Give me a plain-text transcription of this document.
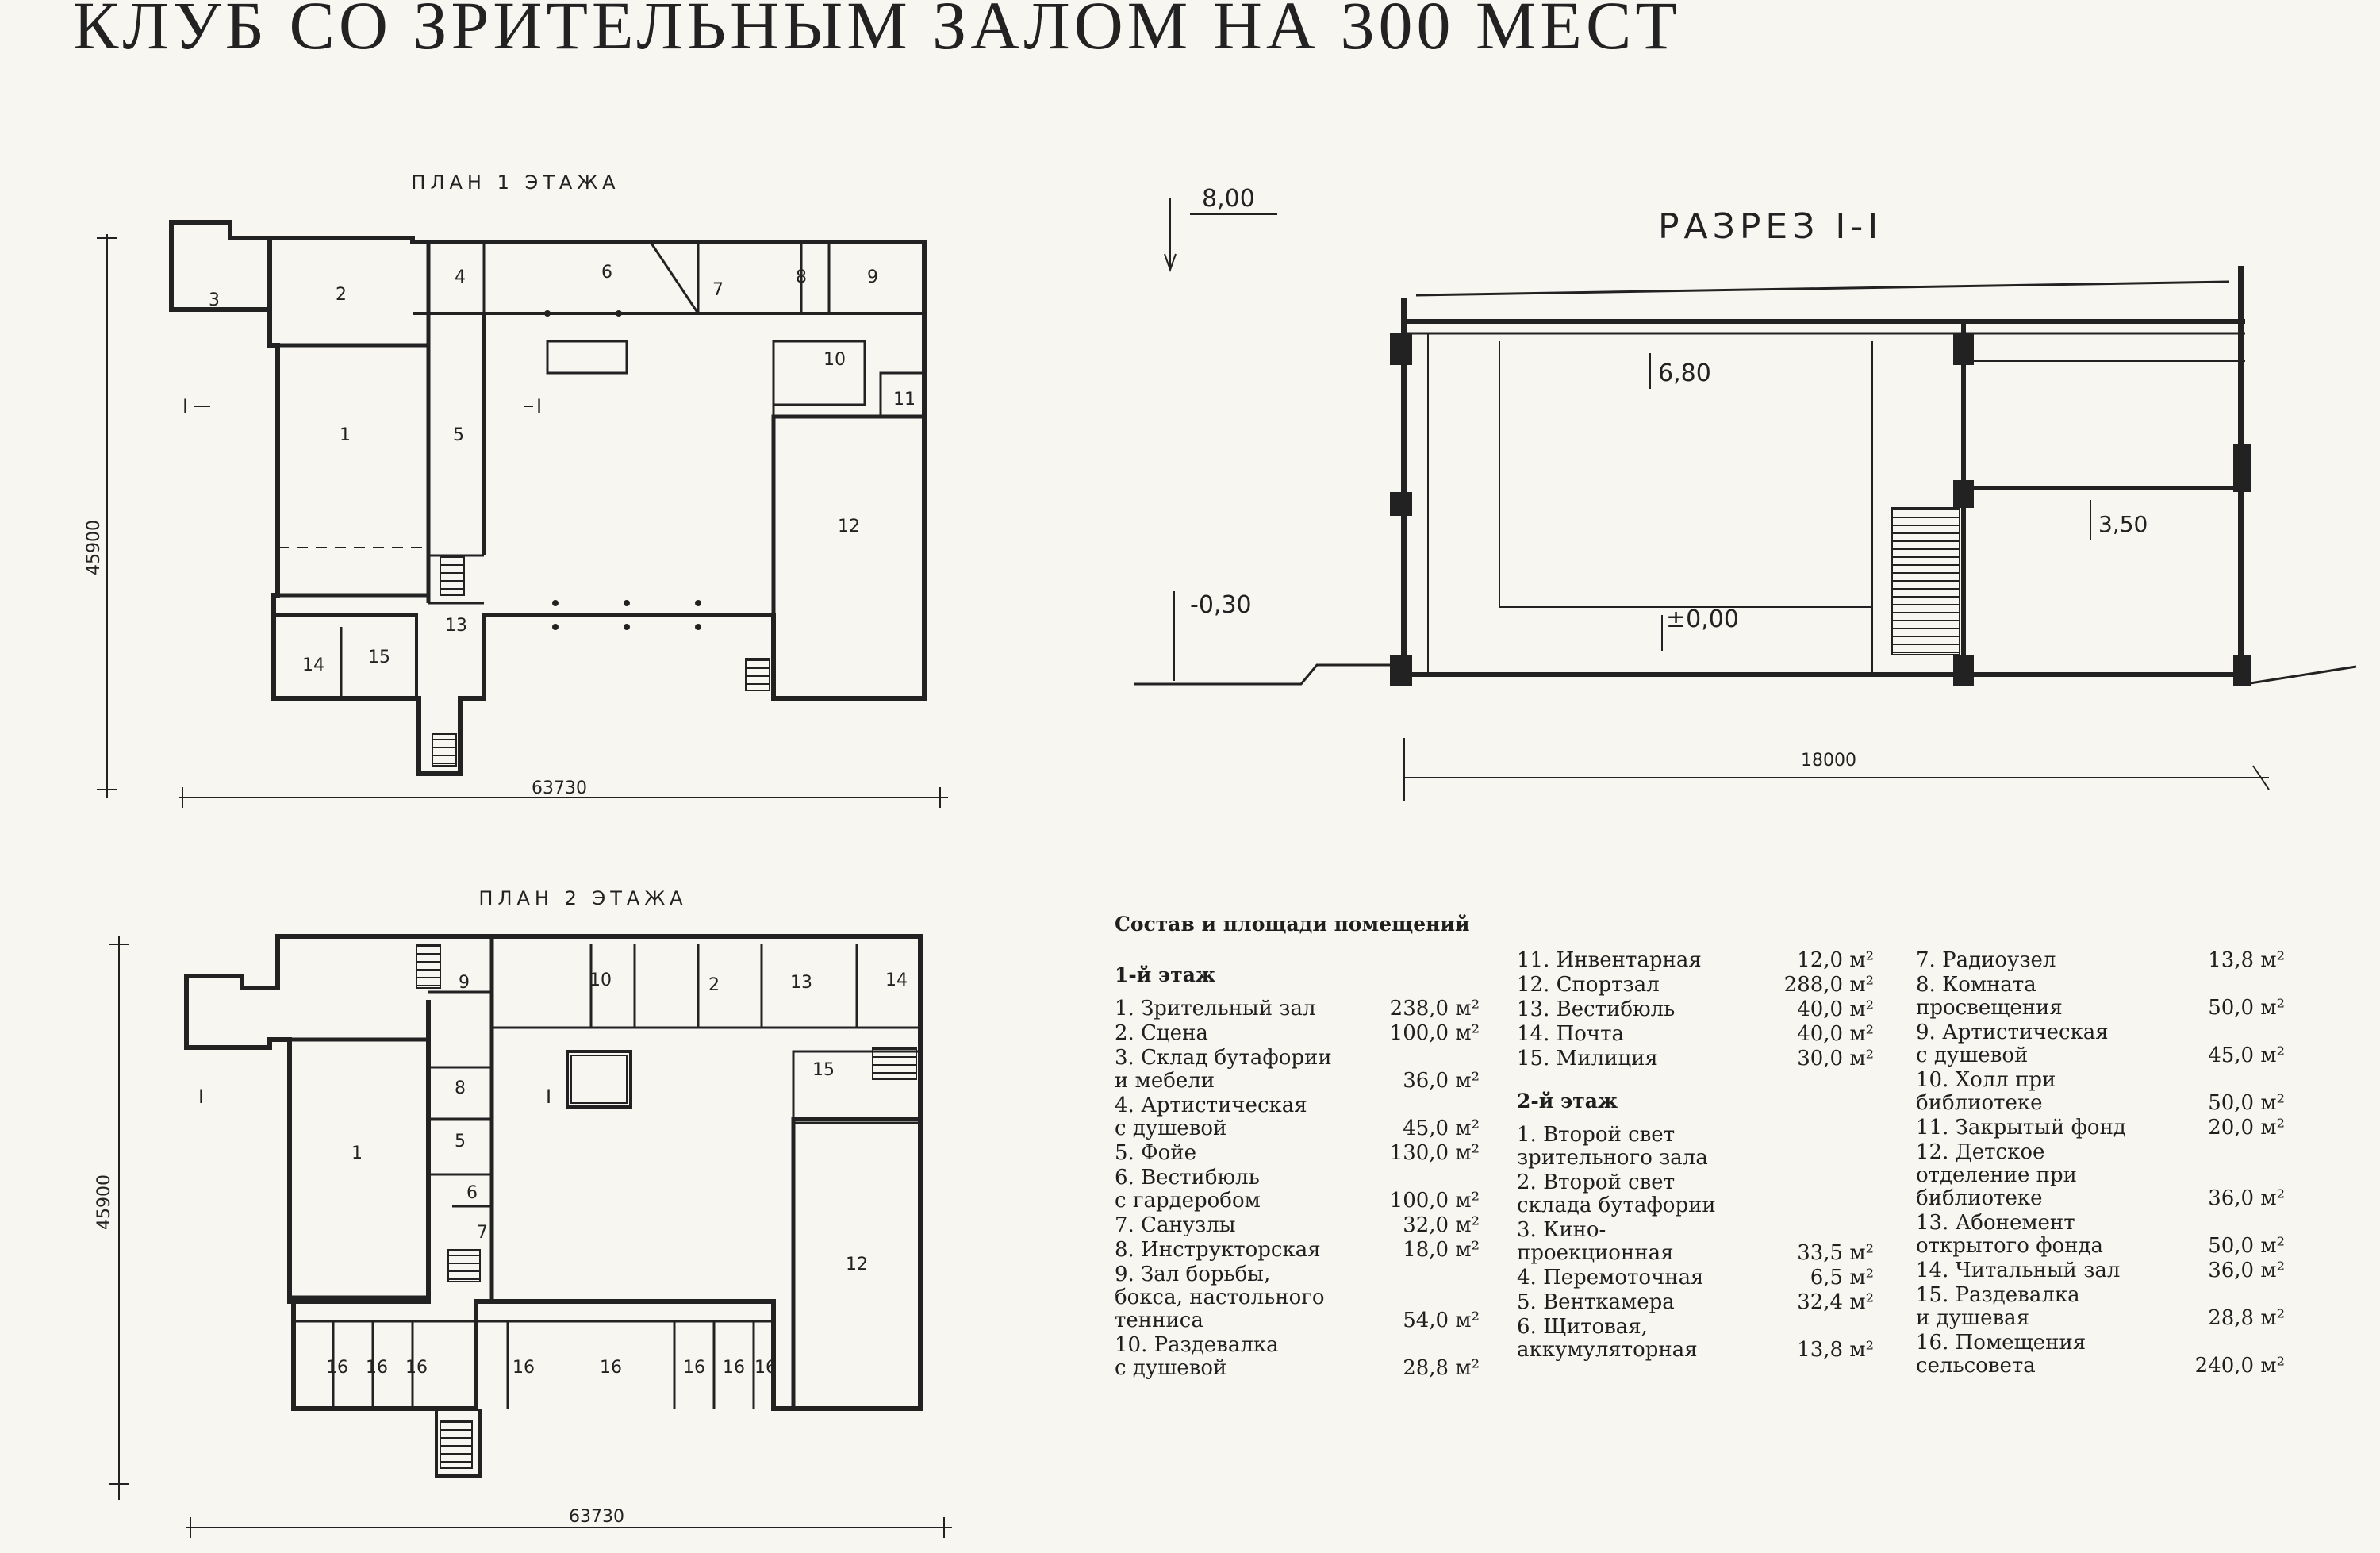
КЛУБ СО ЗРИТЕЛЬНЫМ ЗАЛОМ НА 300 МЕСТ
ПЛАН 1 ЭТАЖА
I	I
1
2
3
4
5
6
7
8	9
10
11
12
13
14	15
45900
63730
РАЗРЕЗ I-I
8,00
6,80
3,50
-0,30
±0,00
18000
ПЛАН 2 ЭТАЖА
I	I
1
2
5
6
7
8
9	10
12
13	14
15
16 16 16	16	16	16 16 16
45900
63730
Состав и площади помещений
1-й этаж
1. Зрительный зал	238,0 м²
2. Сцена	100,0 м²
3. Склад бутафории
и мебели	36,0 м²
4. Артистическая
с душевой	45,0 м²
5. Фойе	130,0 м²
6. Вестибюль
с гардеробом	100,0 м²
7. Санузлы	32,0 м²
8. Инструкторская	18,0 м²
9. Зал борьбы,
бокса, настольного
тенниса	54,0 м²
10. Раздевалка
с душевой	28,8 м²
11. Инвентарная	12,0 м²
12. Спортзал	288,0 м²
13. Вестибюль	40,0 м²
14. Почта	40,0 м²
15. Милиция	30,0 м²
2-й этаж
1. Второй свет
зрительного зала
2. Второй свет
склада бутафории
3. Кино-
проекционная	33,5 м²
4. Перемоточная	6,5 м²
5. Венткамера	32,4 м²
6. Щитовая,
аккумуляторная	13,8 м²
7. Радиоузел	13,8 м²
8. Комната
просвещения	50,0 м²
9. Артистическая
с душевой	45,0 м²
10. Холл при
библиотеке	50,0 м²
11. Закрытый фонд	20,0 м²
12. Детское
отделение при
библиотеке	36,0 м²
13. Абонемент
открытого фонда	50,0 м²
14. Читальный зал	36,0 м²
15. Раздевалка
и душевая	28,8 м²
16. Помещения
сельсовета	240,0 м²
